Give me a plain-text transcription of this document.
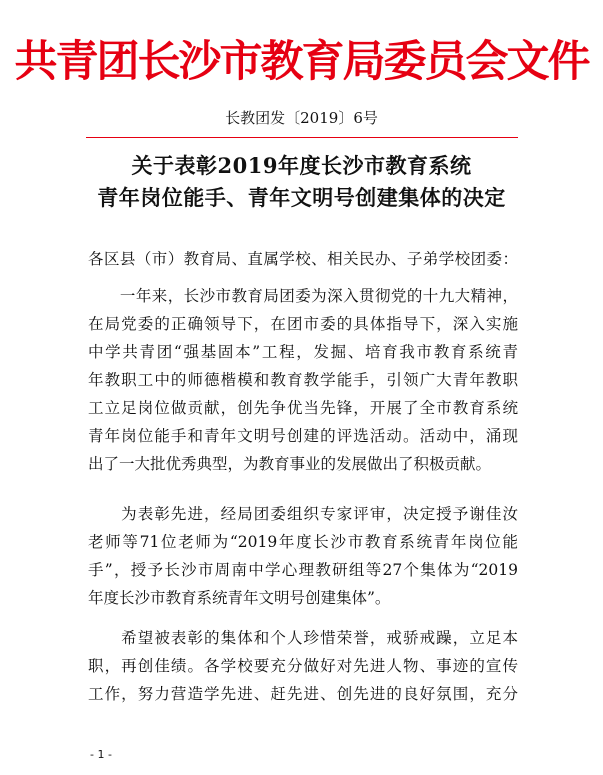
共青团长沙市教育局委员会文件
长教团发〔2019〕6号
关于表彰2019年度长沙市教育系统
青年岗位能手、青年文明号创建集体的决定
各区县（市）教育局、直属学校、相关民办、子弟学校团委：
　　一年来，长沙市教育局团委为深入贯彻党的十九大精神，
在局党委的正确领导下，在团市委的具体指导下，深入实施
中学共青团“强基固本”工程，发掘、培育我市教育系统青
年教职工中的师德楷模和教育教学能手，引领广大青年教职
工立足岗位做贡献，创先争优当先锋，开展了全市教育系统
青年岗位能手和青年文明号创建的评选活动。活动中，涌现
出了一大批优秀典型，为教育事业的发展做出了积极贡献。
　　为表彰先进，经局团委组织专家评审，决定授予谢佳汝
老师等71位老师为“2019年度长沙市教育系统青年岗位能
手”，授予长沙市周南中学心理教研组等27个集体为“2019
年度长沙市教育系统青年文明号创建集体”。
　　希望被表彰的集体和个人珍惜荣誉，戒骄戒躁，立足本
职，再创佳绩。各学校要充分做好对先进人物、事迹的宣传
工作，努力营造学先进、赶先进、创先进的良好氛围，充分
- 1 -
